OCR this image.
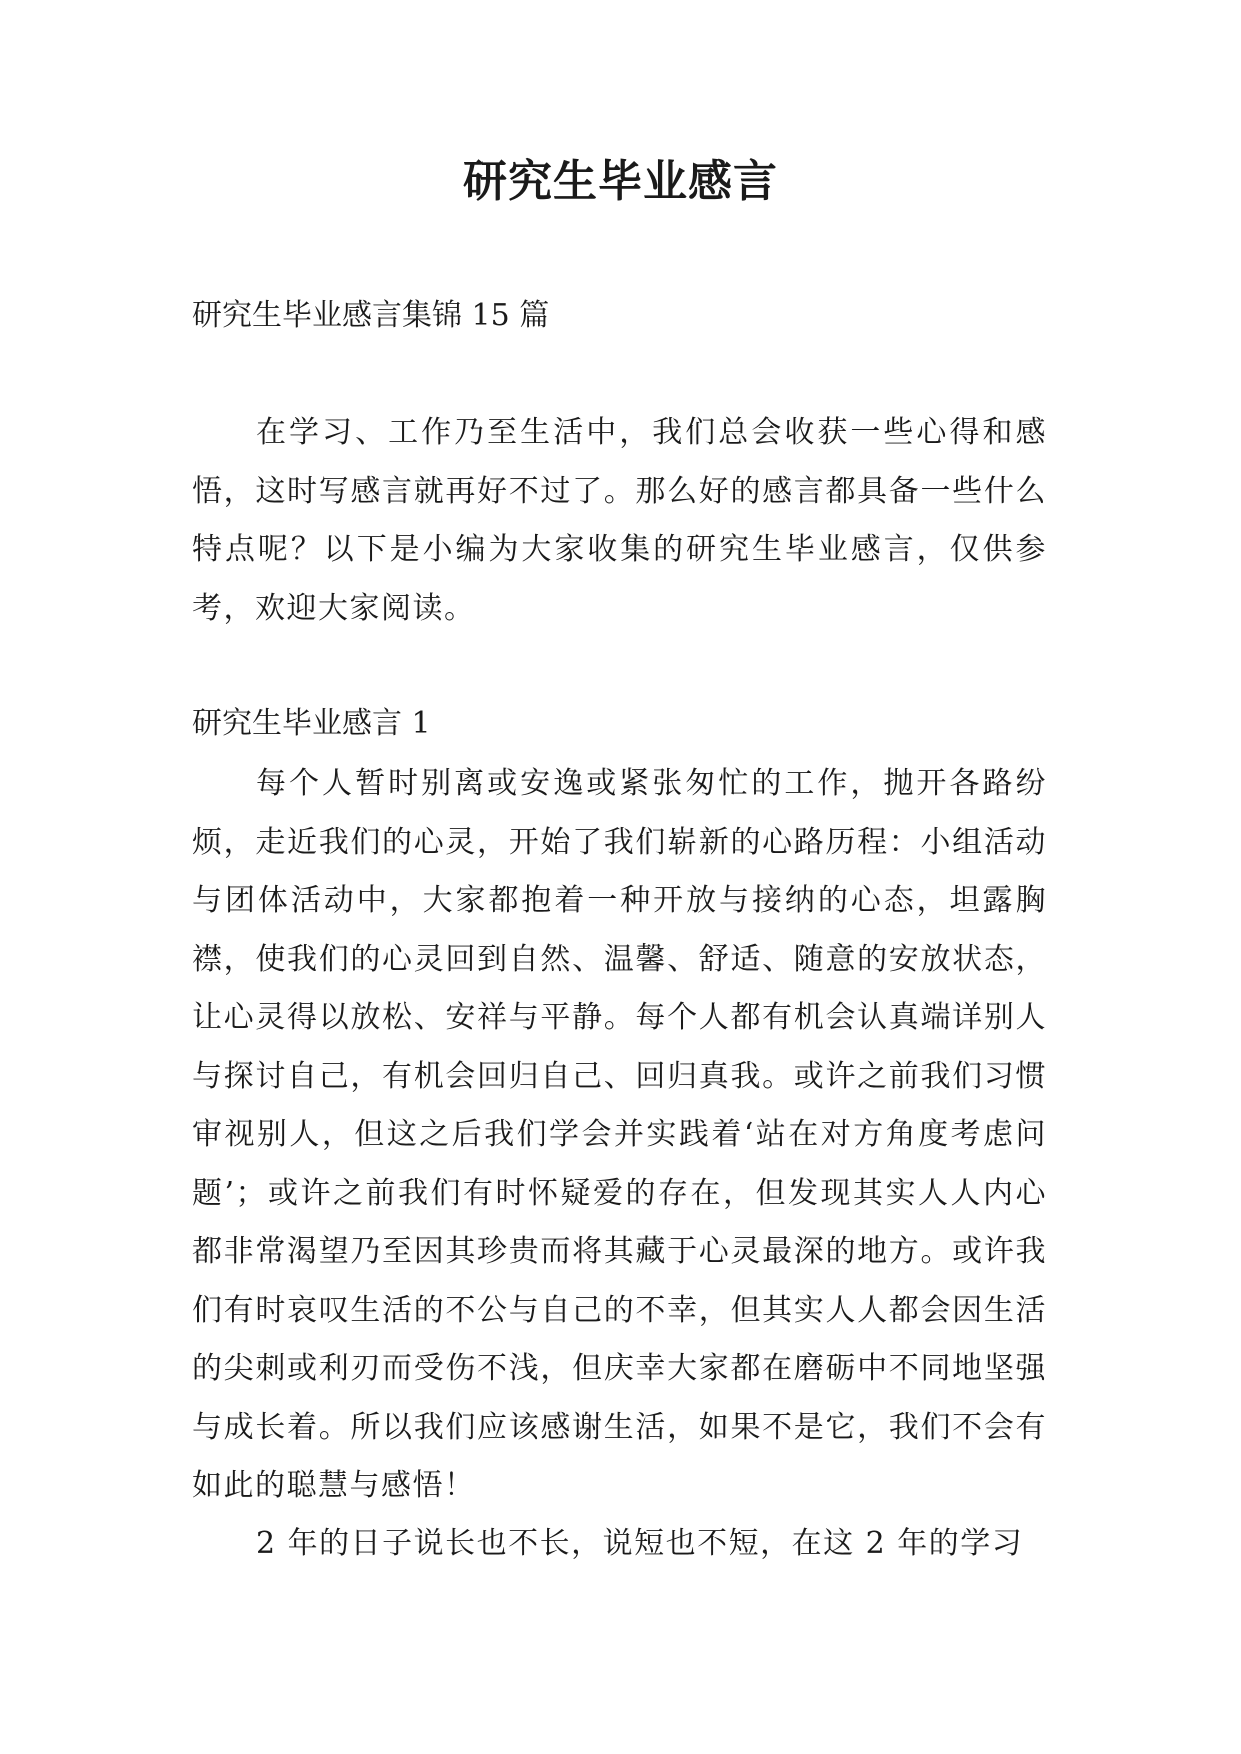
研究生毕业感言

研究生毕业感言集锦 15 篇

在学习、工作乃至生活中，我们总会收获一些心得和感悟，这时写感言就再好不过了。那么好的感言都具备一些什么特点呢？以下是小编为大家收集的研究生毕业感言，仅供参考，欢迎大家阅读。

研究生毕业感言 1

每个人暂时别离或安逸或紧张匆忙的工作，抛开各路纷烦，走近我们的心灵，开始了我们崭新的心路历程：小组活动与团体活动中，大家都抱着一种开放与接纳的心态，坦露胸襟，使我们的心灵回到自然、温馨、舒适、随意的安放状态，让心灵得以放松、安祥与平静。每个人都有机会认真端详别人与探讨自己，有机会回归自己、回归真我。或许之前我们习惯审视别人，但这之后我们学会并实践着‘站在对方角度考虑问题’；或许之前我们有时怀疑爱的存在，但发现其实人人内心都非常渴望乃至因其珍贵而将其藏于心灵最深的地方。或许我们有时哀叹生活的不公与自己的不幸，但其实人人都会因生活的尖刺或利刃而受伤不浅，但庆幸大家都在磨砺中不同地坚强与成长着。所以我们应该感谢生活，如果不是它，我们不会有如此的聪慧与感悟！

2 年的日子说长也不长，说短也不短，在这 2 年的学习
